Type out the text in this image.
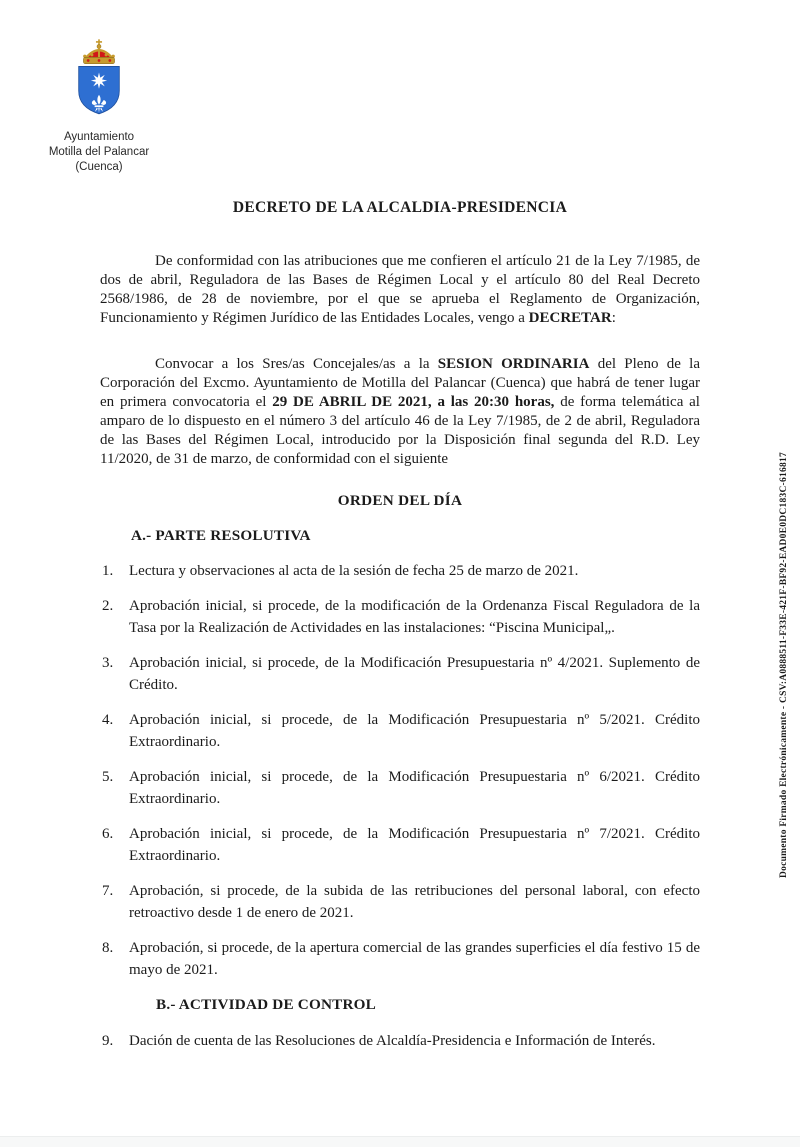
Ayuntamiento
Motilla del Palancar
(Cuenca)
DECRETO DE LA ALCALDIA-PRESIDENCIA

De conformidad con las atribuciones que me confieren el artículo 21 de la Ley 7/1985, de dos de abril, Reguladora de las Bases de Régimen Local y el artículo 80 del Real Decreto 2568/1986, de 28 de noviembre, por el que se aprueba el Reglamento de Organización, Funcionamiento y Régimen Jurídico de las Entidades Locales, vengo a DECRETAR:

Convocar a los Sres/as Concejales/as a la SESION ORDINARIA del Pleno de la Corporación del Excmo. Ayuntamiento de Motilla del Palancar (Cuenca) que habrá de tener lugar en primera convocatoria el 29 DE ABRIL DE 2021, a las 20:30 horas, de forma telemática al amparo de lo dispuesto en el número 3 del artículo 46 de la Ley 7/1985, de 2 de abril, Reguladora de las Bases del Régimen Local, introducido por la Disposición final segunda del R.D. Ley 11/2020, de 31 de marzo, de conformidad con el siguiente

ORDEN DEL DÍA
A.- PARTE RESOLUTIVA
1.	Lectura y observaciones al acta de la sesión de fecha 25 de marzo de 2021.
2.	Aprobación inicial, si procede, de la modificación de la Ordenanza Fiscal Reguladora de la Tasa por la Realización de Actividades en las instalaciones: “Piscina Municipal„.
3.	Aprobación inicial, si procede, de la Modificación Presupuestaria nº 4/2021. Suplemento de Crédito.
4.	Aprobación inicial, si procede, de la Modificación Presupuestaria nº 5/2021. Crédito Extraordinario.
5.	Aprobación inicial, si procede, de la Modificación Presupuestaria nº 6/2021. Crédito Extraordinario.
6.	Aprobación inicial, si procede, de la Modificación Presupuestaria nº 7/2021. Crédito Extraordinario.
7.	Aprobación, si procede, de la subida de las retribuciones del personal laboral, con efecto retroactivo desde 1 de enero de 2021.
8.	Aprobación, si procede, de la apertura comercial de las grandes superficies el día festivo 15 de mayo de 2021.
B.- ACTIVIDAD DE CONTROL
9.	Dación de cuenta de las Resoluciones de Alcaldía-Presidencia e Información de Interés.
Documento Firmado Electrónicamente - CSV:A0888511-F33E-421F-BF92-EAD0E0DC183C-616817
